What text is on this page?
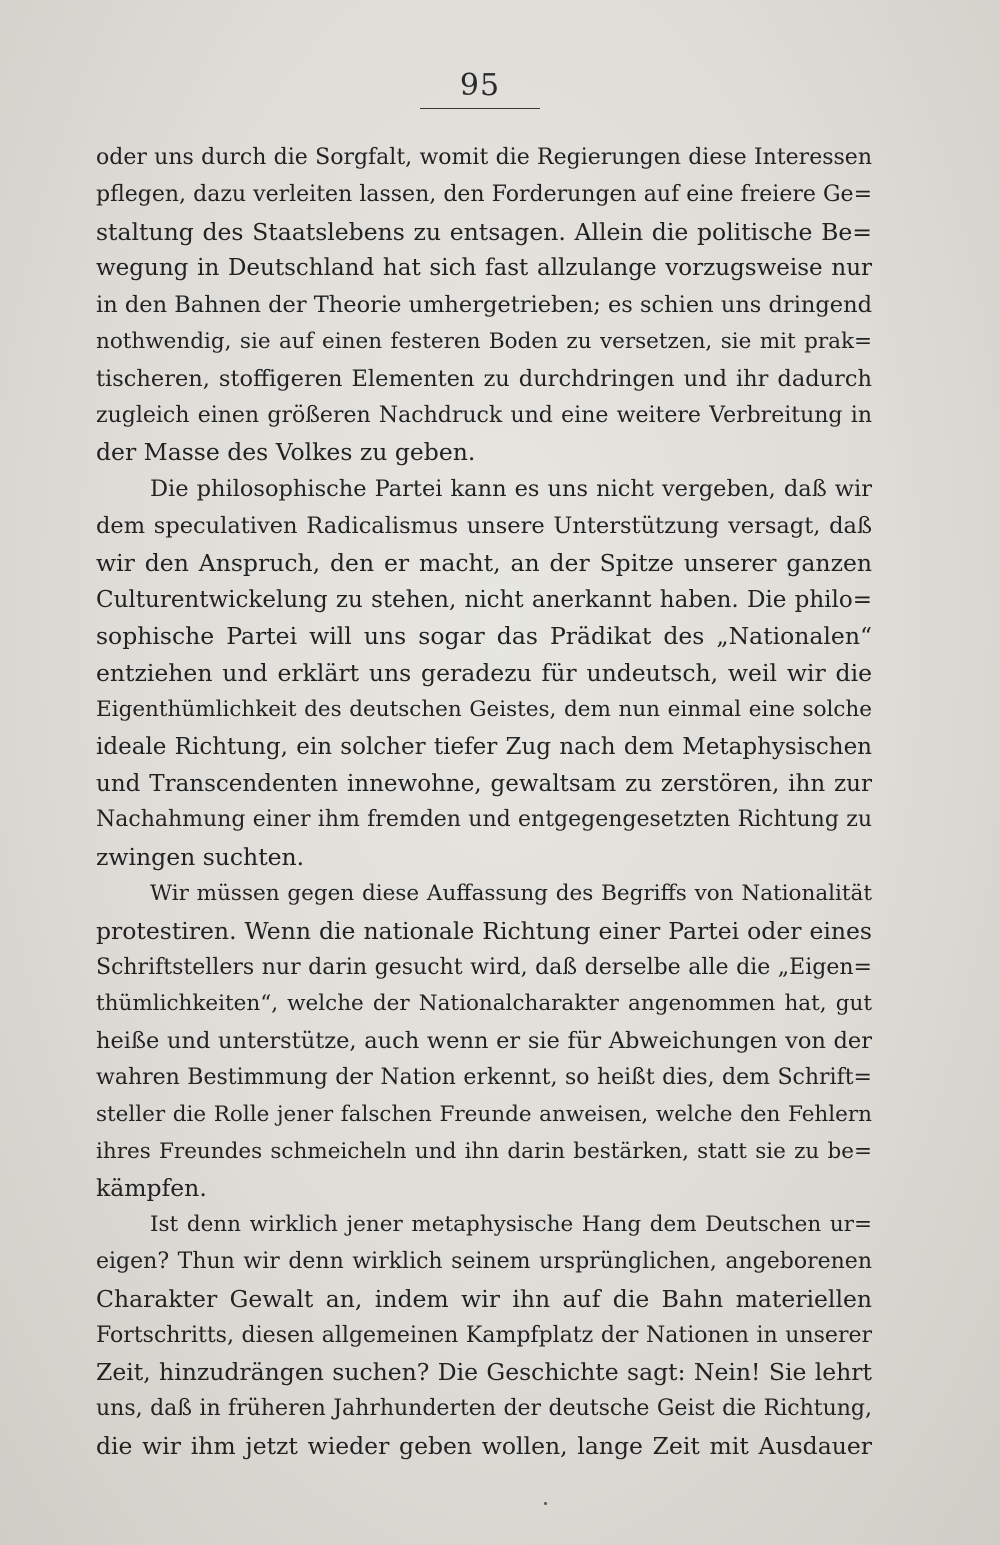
95
oder uns durch die Sorgfalt, womit die Regierungen diese Interessen
pflegen, dazu verleiten lassen, den Forderungen auf eine freiere Ge=
staltung des Staatslebens zu entsagen. Allein die politische Be=
wegung in Deutschland hat sich fast allzulange vorzugsweise nur
in den Bahnen der Theorie umhergetrieben; es schien uns dringend
nothwendig, sie auf einen festeren Boden zu versetzen, sie mit prak=
tischeren, stoffigeren Elementen zu durchdringen und ihr dadurch
zugleich einen größeren Nachdruck und eine weitere Verbreitung in
der Masse des Volkes zu geben.
Die philosophische Partei kann es uns nicht vergeben, daß wir
dem speculativen Radicalismus unsere Unterstützung versagt, daß
wir den Anspruch, den er macht, an der Spitze unserer ganzen
Culturentwickelung zu stehen, nicht anerkannt haben. Die philo=
sophische Partei will uns sogar das Prädikat des „Nationalen“
entziehen und erklärt uns geradezu für undeutsch, weil wir die
Eigenthümlichkeit des deutschen Geistes, dem nun einmal eine solche
ideale Richtung, ein solcher tiefer Zug nach dem Metaphysischen
und Transcendenten innewohne, gewaltsam zu zerstören, ihn zur
Nachahmung einer ihm fremden und entgegengesetzten Richtung zu
zwingen suchten.
Wir müssen gegen diese Auffassung des Begriffs von Nationalität
protestiren. Wenn die nationale Richtung einer Partei oder eines
Schriftstellers nur darin gesucht wird, daß derselbe alle die „Eigen=
thümlichkeiten“, welche der Nationalcharakter angenommen hat, gut
heiße und unterstütze, auch wenn er sie für Abweichungen von der
wahren Bestimmung der Nation erkennt, so heißt dies, dem Schrift=
steller die Rolle jener falschen Freunde anweisen, welche den Fehlern
ihres Freundes schmeicheln und ihn darin bestärken, statt sie zu be=
kämpfen.
Ist denn wirklich jener metaphysische Hang dem Deutschen ur=
eigen? Thun wir denn wirklich seinem ursprünglichen, angeborenen
Charakter Gewalt an, indem wir ihn auf die Bahn materiellen
Fortschritts, diesen allgemeinen Kampfplatz der Nationen in unserer
Zeit, hinzudrängen suchen? Die Geschichte sagt: Nein! Sie lehrt
uns, daß in früheren Jahrhunderten der deutsche Geist die Richtung,
die wir ihm jetzt wieder geben wollen, lange Zeit mit Ausdauer
